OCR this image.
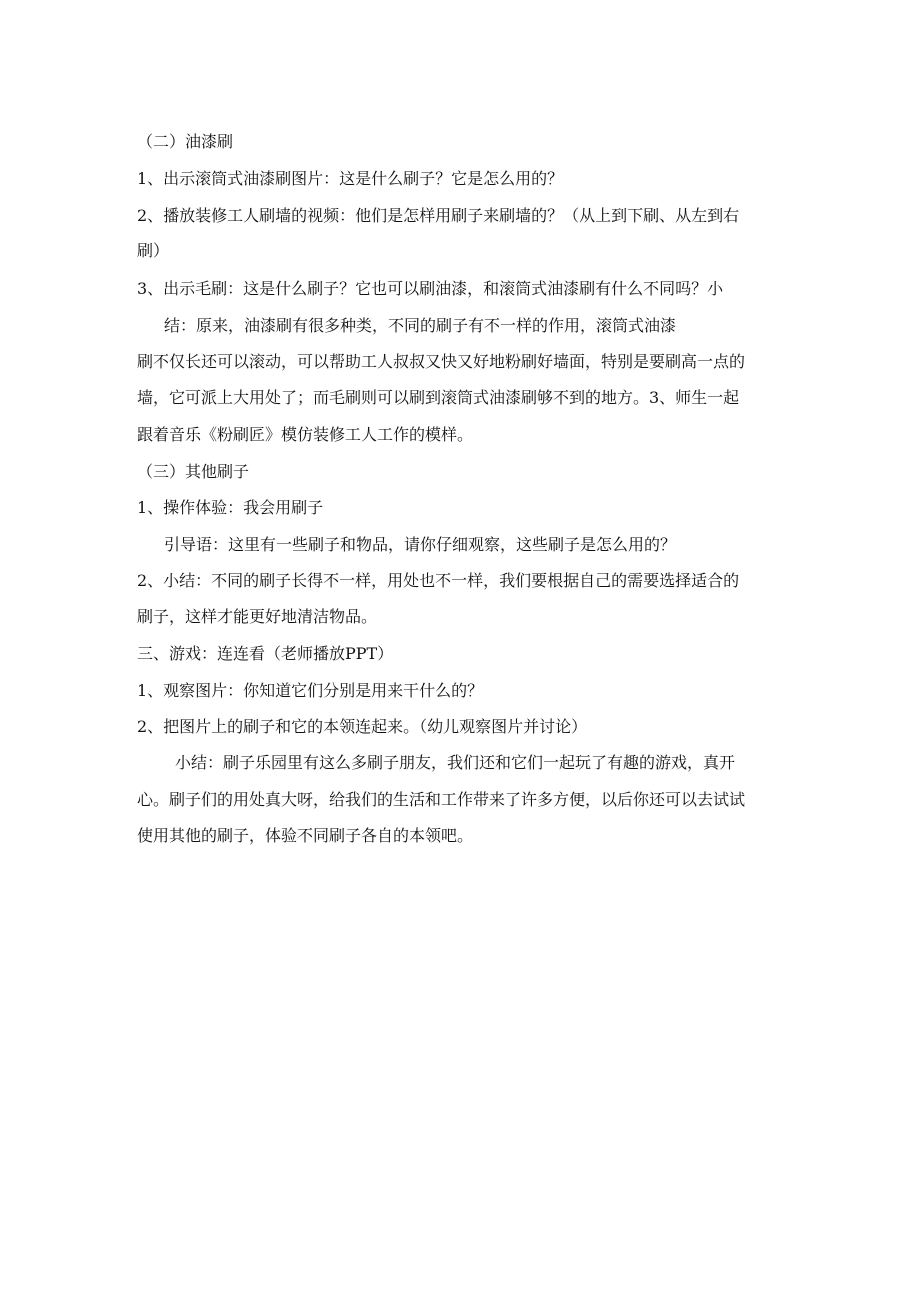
（二）油漆刷

1、出示滚筒式油漆刷图片：这是什么刷子？它是怎么用的？

2、播放装修工人刷墙的视频：他们是怎样用刷子来刷墙的？（从上到下刷、从左到右

刷）

3、出示毛刷：这是什么刷子？它也可以刷油漆，和滚筒式油漆刷有什么不同吗？小

结：原来，油漆刷有很多种类，不同的刷子有不一样的作用，滚筒式油漆

刷不仅长还可以滚动，可以帮助工人叔叔又快又好地粉刷好墙面，特别是要刷高一点的

墙，它可派上大用处了；而毛刷则可以刷到滚筒式油漆刷够不到的地方。3、师生一起

跟着音乐《粉刷匠》模仿装修工人工作的模样。

（三）其他刷子

1、操作体验：我会用刷子

引导语：这里有一些刷子和物品，请你仔细观察，这些刷子是怎么用的？

2、小结：不同的刷子长得不一样，用处也不一样，我们要根据自己的需要选择适合的

刷子，这样才能更好地清洁物品。

三、游戏：连连看（老师播放PPT）

1、观察图片：你知道它们分别是用来干什么的？

2、把图片上的刷子和它的本领连起来。（幼儿观察图片并讨论）

小结：刷子乐园里有这么多刷子朋友，我们还和它们一起玩了有趣的游戏，真开

心。刷子们的用处真大呀，给我们的生活和工作带来了许多方便，以后你还可以去试试

使用其他的刷子，体验不同刷子各自的本领吧。
